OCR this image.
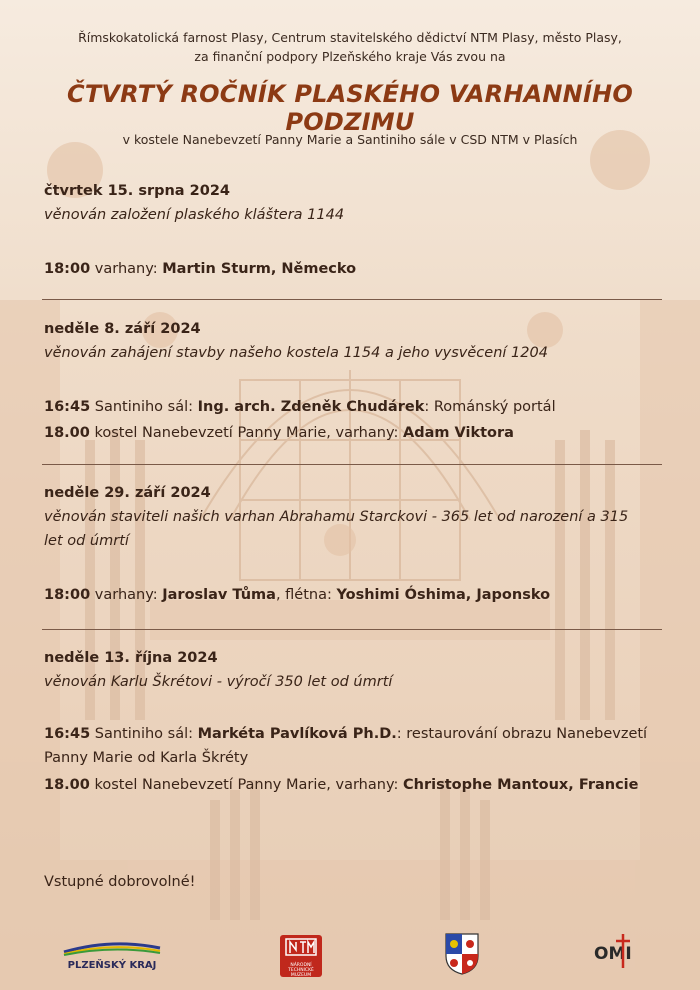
Římskokatolická farnost Plasy, Centrum stavitelského dědictví NTM Plasy, město Plasy,
za finanční podpory Plzeňského kraje Vás zvou na
ČTVRTÝ ROČNÍK PLASKÉHO VARHANNÍHO PODZIMU
v kostele Nanebevzetí Panny Marie a Santiniho sále v CSD NTM v Plasích
čtvrtek 15. srpna 2024
věnován založení plaského kláštera 1144
18:00 varhany: Martin Sturm, Německo
neděle 8. září 2024
věnován zahájení stavby našeho kostela 1154 a jeho vysvěcení 1204
16:45 Santiniho sál: Ing. arch. Zdeněk Chudárek: Románský portál
18.00 kostel Nanebevzetí Panny Marie, varhany: Adam Viktora
neděle 29. září 2024
věnován staviteli našich varhan Abrahamu Starckovi - 365 let od narození a 315
let od úmrtí
18:00 varhany: Jaroslav Tůma, flétna: Yoshimi Óshima, Japonsko
neděle 13. října 2024
věnován Karlu Škrétovi - výročí 350 let od úmrtí
16:45 Santiniho sál: Markéta Pavlíková Ph.D.: restaurování obrazu Nanebevzetí
Panny Marie od Karla Škréty
18.00 kostel Nanebevzetí Panny Marie, varhany: Christophe Mantoux, Francie
Vstupné dobrovolné!
PLZEŇSKÝ KRAJ	NÁRODNÍ
TECHNICKÉ
MUZEUM
OMI
